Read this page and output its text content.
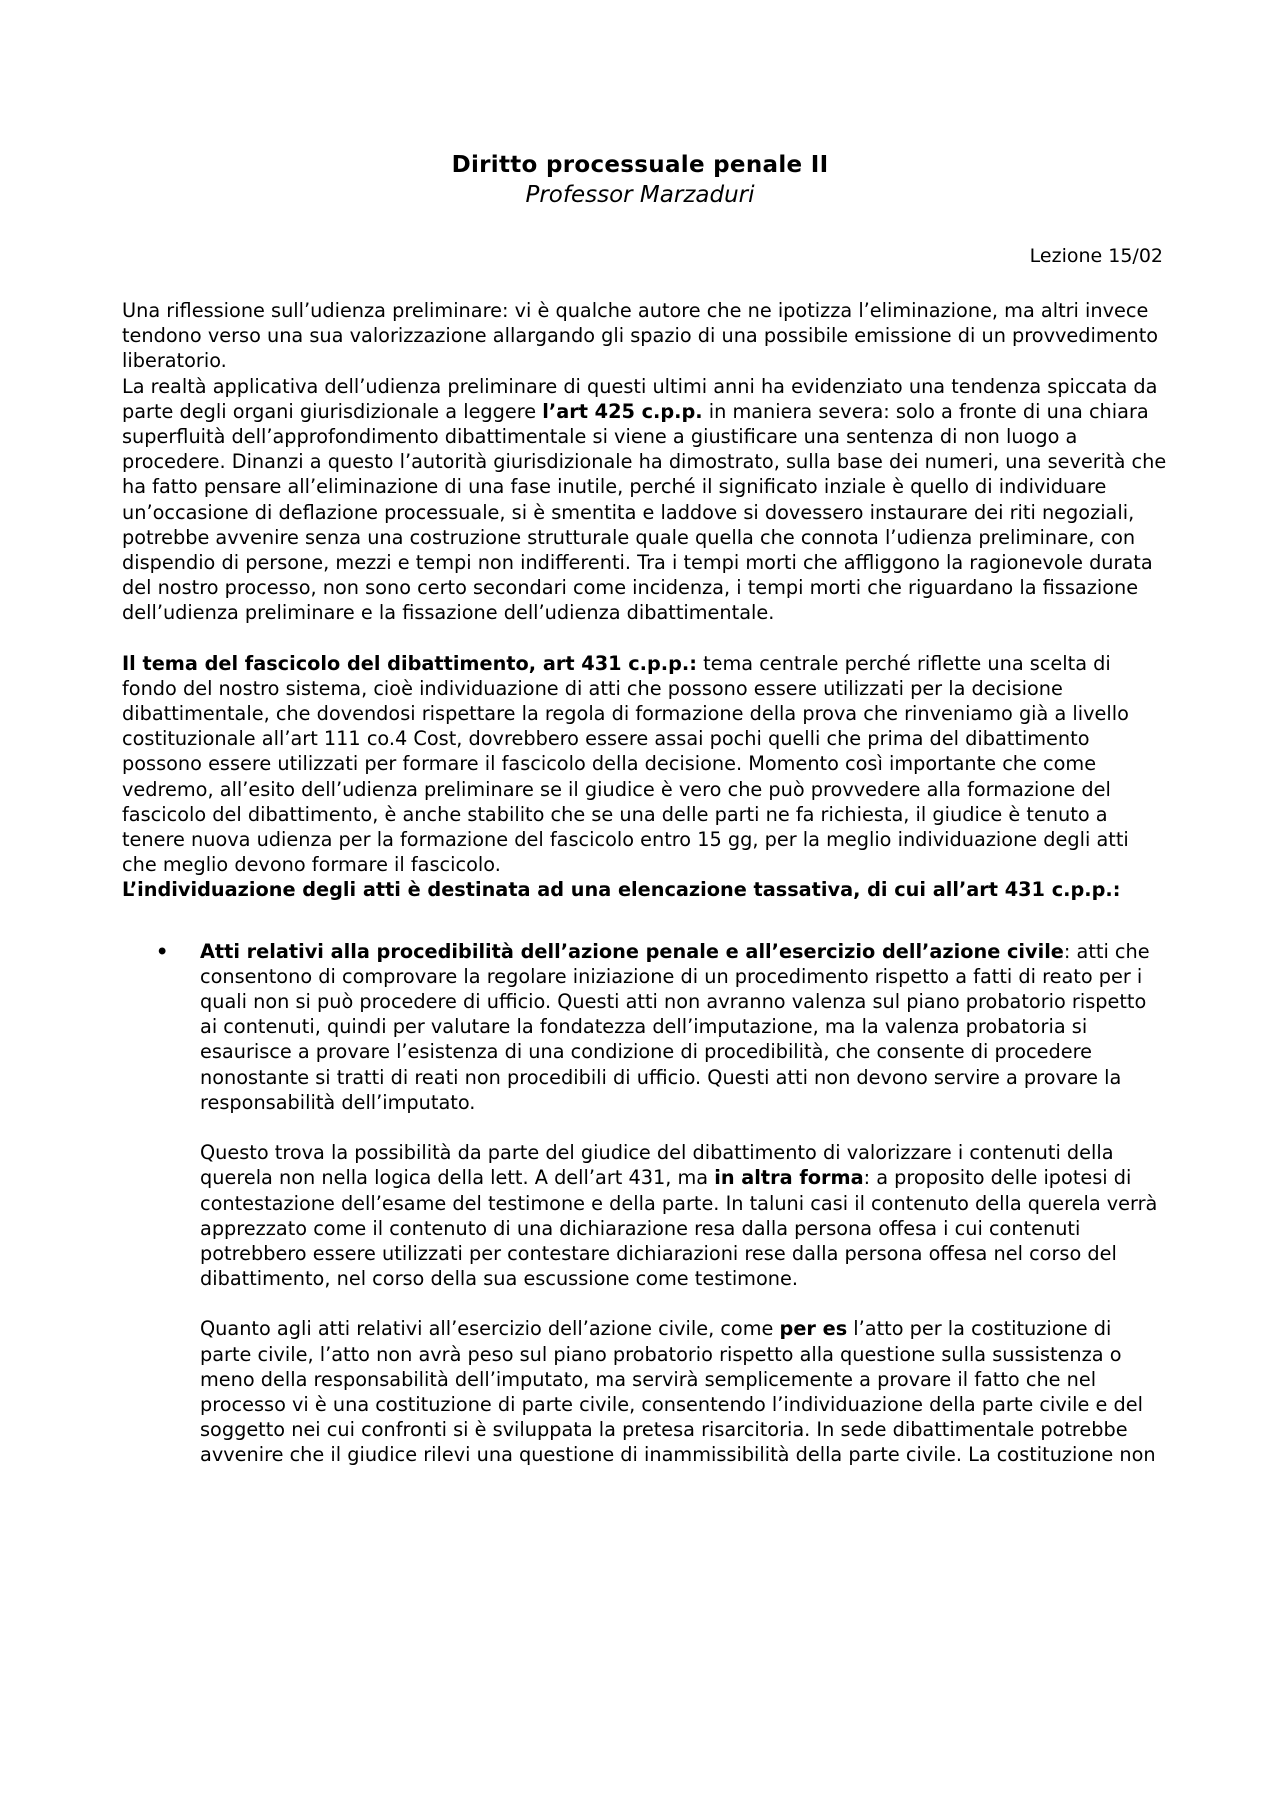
Diritto processuale penale II
Professor Marzaduri
Lezione 15/02

Una riflessione sull’udienza preliminare: vi è qualche autore che ne ipotizza l’eliminazione, ma altri invece tendono verso una sua valorizzazione allargando gli spazio di una possibile emissione di un provvedimento liberatorio.

La realtà applicativa dell’udienza preliminare di questi ultimi anni ha evidenziato una tendenza spiccata da parte degli organi giurisdizionale a leggere l’art 425 c.p.p. in maniera severa: solo a fronte di una chiara superfluità dell’approfondimento dibattimentale si viene a giustificare una sentenza di non luogo a procedere. Dinanzi a questo l’autorità giurisdizionale ha dimostrato, sulla base dei numeri, una severità che ha fatto pensare all’eliminazione di una fase inutile, perché il significato inziale è quello di individuare un’occasione di deflazione processuale, si è smentita e laddove si dovessero instaurare dei riti negoziali, potrebbe avvenire senza una costruzione strutturale quale quella che connota l’udienza preliminare, con dispendio di persone, mezzi e tempi non indifferenti. Tra i tempi morti che affliggono la ragionevole durata del nostro processo, non sono certo secondari come incidenza, i tempi morti che riguardano la fissazione dell’udienza preliminare e la fissazione dell’udienza dibattimentale.

Il tema del fascicolo del dibattimento, art 431 c.p.p.: tema centrale perché riflette una scelta di fondo del nostro sistema, cioè individuazione di atti che possono essere utilizzati per la decisione dibattimentale, che dovendosi rispettare la regola di formazione della prova che rinveniamo già a livello costituzionale all’art 111 co.4 Cost, dovrebbero essere assai pochi quelli che prima del dibattimento possono essere utilizzati per formare il fascicolo della decisione. Momento così importante che come vedremo, all’esito dell’udienza preliminare se il giudice è vero che può provvedere alla formazione del fascicolo del dibattimento, è anche stabilito che se una delle parti ne fa richiesta, il giudice è tenuto a tenere nuova udienza per la formazione del fascicolo entro 15 gg, per la meglio individuazione degli atti che meglio devono formare il fascicolo.

L’individuazione degli atti è destinata ad una elencazione tassativa, di cui all’art 431 c.p.p.:

• Atti relativi alla procedibilità dell’azione penale e all’esercizio dell’azione civile: atti che consentono di comprovare la regolare iniziazione di un procedimento rispetto a fatti di reato per i quali non si può procedere di ufficio. Questi atti non avranno valenza sul piano probatorio rispetto ai contenuti, quindi per valutare la fondatezza dell’imputazione, ma la valenza probatoria si esaurisce a provare l’esistenza di una condizione di procedibilità, che consente di procedere nonostante si tratti di reati non procedibili di ufficio. Questi atti non devono servire a provare la responsabilità dell’imputato.

Questo trova la possibilità da parte del giudice del dibattimento di valorizzare i contenuti della querela non nella logica della lett. A dell’art 431, ma in altra forma: a proposito delle ipotesi di contestazione dell’esame del testimone e della parte. In taluni casi il contenuto della querela verrà apprezzato come il contenuto di una dichiarazione resa dalla persona offesa i cui contenuti potrebbero essere utilizzati per contestare dichiarazioni rese dalla persona offesa nel corso del dibattimento, nel corso della sua escussione come testimone.

Quanto agli atti relativi all’esercizio dell’azione civile, come per es l’atto per la costituzione di parte civile, l’atto non avrà peso sul piano probatorio rispetto alla questione sulla sussistenza o meno della responsabilità dell’imputato, ma servirà semplicemente a provare il fatto che nel processo vi è una costituzione di parte civile, consentendo l’individuazione della parte civile e del soggetto nei cui confronti si è sviluppata la pretesa risarcitoria. In sede dibattimentale potrebbe avvenire che il giudice rilevi una questione di inammissibilità della parte civile. La costituzione non
